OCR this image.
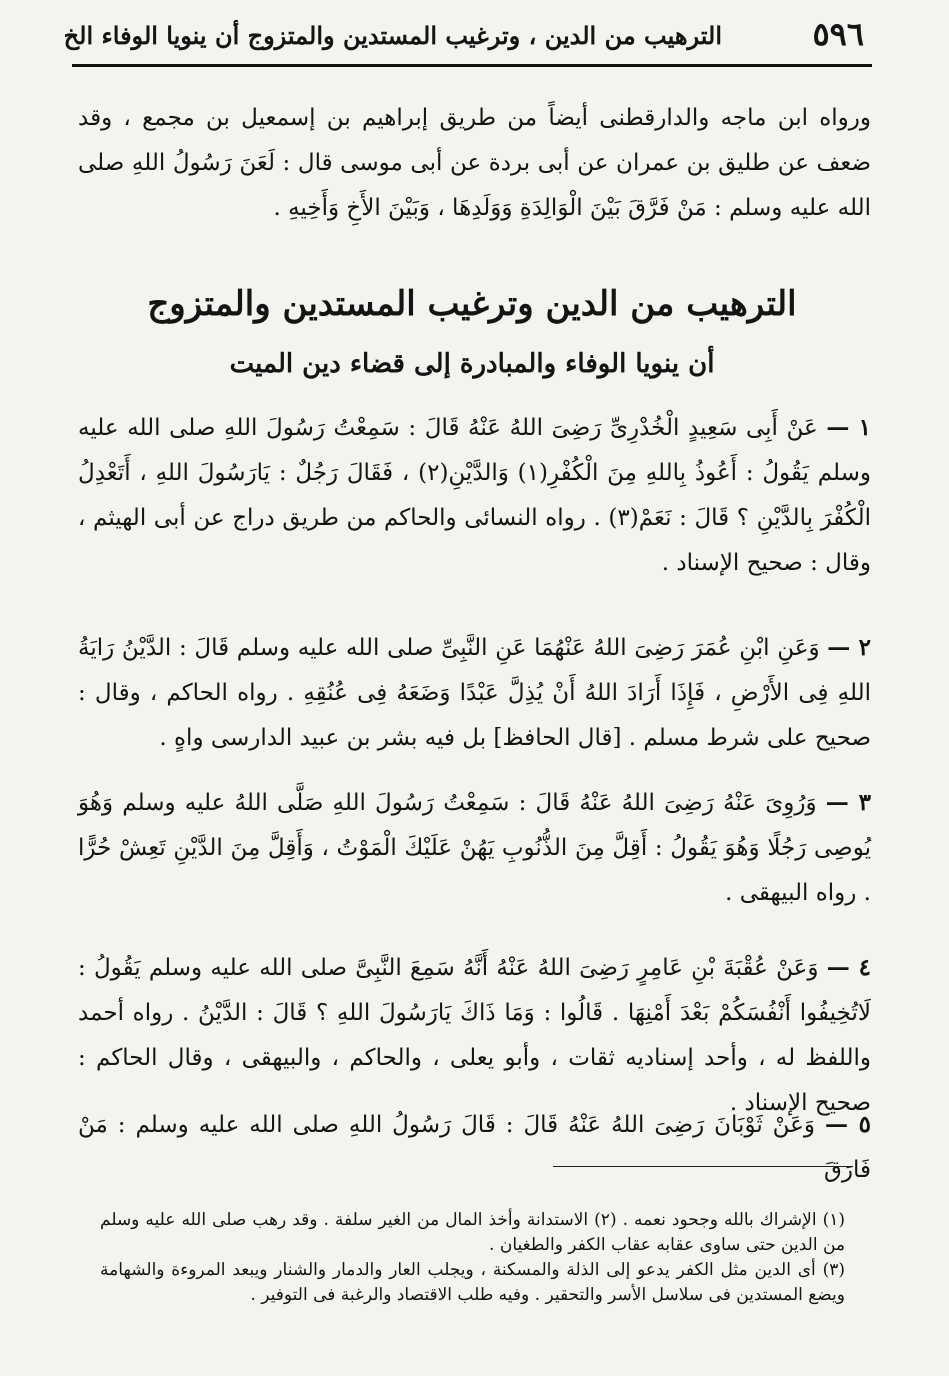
٥٩٦
الترهيب من الدين ، وترغيب المستدين والمتزوج أن ينويا الوفاء الخ

ورواه ابن ماجه والدارقطنى أيضاً من طريق إبراهيم بن إسمعيل بن مجمع ، وقد ضعف عن طليق بن عمران عن أبى بردة عن أبى موسى قال : لَعَنَ رَسُولُ اللهِ صلى الله عليه وسلم : مَنْ فَرَّقَ بَيْنَ الْوَالِدَةِ وَوَلَدِهَا ، وَبَيْنَ الأَخِ وَأَخِيهِ .

الترهيب من الدين وترغيب المستدين والمتزوج
أن ينويا الوفاء والمبادرة إلى قضاء دين الميت

١ — عَنْ أَبِى سَعِيدٍ الْخُدْرِىِّ رَضِىَ اللهُ عَنْهُ قَالَ : سَمِعْتُ رَسُولَ اللهِ صلى الله عليه وسلم يَقُولُ : أَعُوذُ بِاللهِ مِنَ الْكُفْرِ(١) وَالدَّيْنِ(٢) ، فَقَالَ رَجُلٌ : يَارَسُولَ اللهِ ، أَتَعْدِلُ الْكُفْرَ بِالدَّيْنِ ؟ قَالَ : نَعَمْ(٣) . رواه النسائى والحاكم من طريق دراج عن أبى الهيثم ، وقال : صحيح الإسناد .

٢ — وَعَنِ ابْنِ عُمَرَ رَضِىَ اللهُ عَنْهُمَا عَنِ النَّبِىِّ صلى الله عليه وسلم قَالَ : الدَّيْنُ رَايَةُ اللهِ فِى الأَرْضِ ، فَإِذَا أَرَادَ اللهُ أَنْ يُذِلَّ عَبْدًا وَضَعَهُ فِى عُنُقِهِ . رواه الحاكم ، وقال : صحيح على شرط مسلم . [قال الحافظ] بل فيه بشر بن عبيد الدارسى واهٍ .

٣ — وَرُوِىَ عَنْهُ رَضِىَ اللهُ عَنْهُ قَالَ : سَمِعْتُ رَسُولَ اللهِ صَلَّى اللهُ عليه وسلم وَهُوَ يُوصِى رَجُلًا وَهُوَ يَقُولُ : أَقِلَّ مِنَ الذُّنُوبِ يَهُنْ عَلَيْكَ الْمَوْتُ ، وَأَقِلَّ مِنَ الدَّيْنِ تَعِشْ حُرًّا . رواه البيهقى .

٤ — وَعَنْ عُقْبَةَ بْنِ عَامِرٍ رَضِىَ اللهُ عَنْهُ أَنَّهُ سَمِعَ النَّبِىَّ صلى الله عليه وسلم يَقُولُ : لَاتُخِيفُوا أَنْفُسَكُمْ بَعْدَ أَمْنِهَا . قَالُوا : وَمَا ذَاكَ يَارَسُولَ اللهِ ؟ قَالَ : الدَّيْنُ . رواه أحمد واللفظ له ، وأحد إسناديه ثقات ، وأبو يعلى ، والحاكم ، والبيهقى ، وقال الحاكم : صحيح الإسناد .

٥ — وَعَنْ ثَوْبَانَ رَضِىَ اللهُ عَنْهُ قَالَ : قَالَ رَسُولُ اللهِ صلى الله عليه وسلم : مَنْ فَارَقَ

(١) الإشراك بالله وجحود نعمه . (٢) الاستدانة وأخذ المال من الغير سلفة . وقد رهب صلى الله عليه وسلم من الدين حتى ساوى عقابه عقاب الكفر والطغيان .

(٣) أى الدين مثل الكفر يدعو إلى الذلة والمسكنة ، ويجلب العار والدمار والشنار ويبعد المروءة والشهامة ويضع المستدين فى سلاسل الأسر والتحقير . وفيه طلب الاقتصاد والرغبة فى التوفير .
